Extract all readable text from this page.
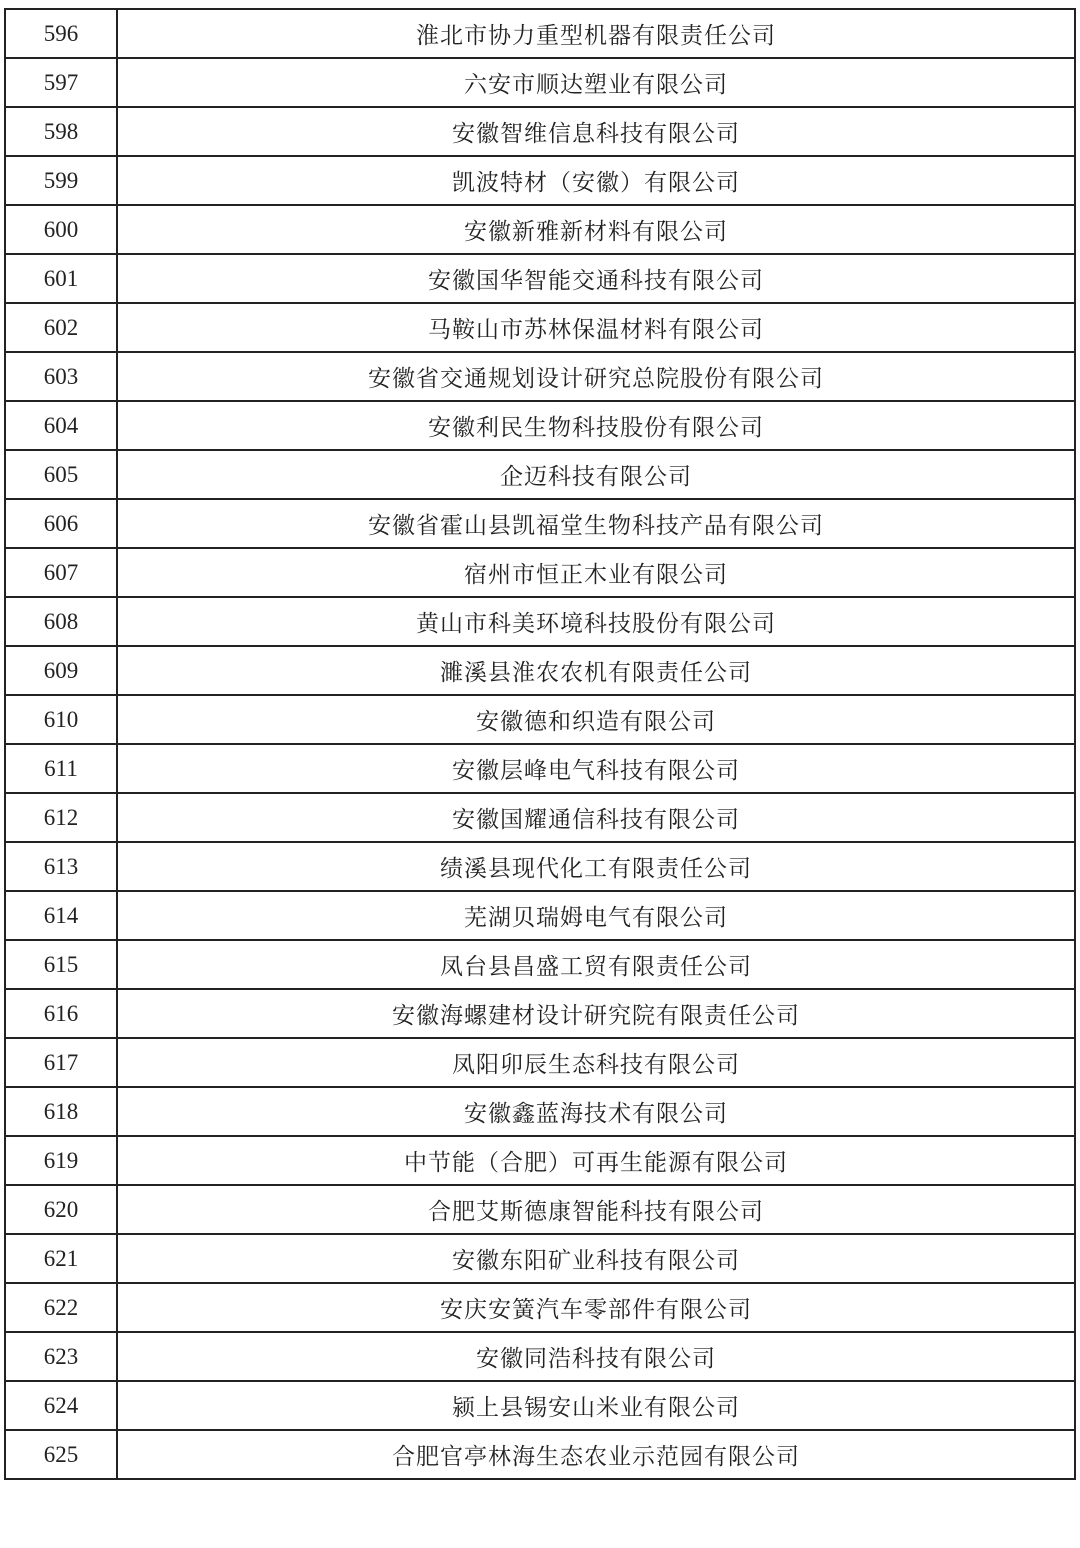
596	淮北市协力重型机器有限责任公司
597	六安市顺达塑业有限公司
598	安徽智维信息科技有限公司
599	凯波特材（安徽）有限公司
600	安徽新雅新材料有限公司
601	安徽国华智能交通科技有限公司
602	马鞍山市苏林保温材料有限公司
603	安徽省交通规划设计研究总院股份有限公司
604	安徽利民生物科技股份有限公司
605	企迈科技有限公司
606	安徽省霍山县凯福堂生物科技产品有限公司
607	宿州市恒正木业有限公司
608	黄山市科美环境科技股份有限公司
609	濉溪县淮农农机有限责任公司
610	安徽德和织造有限公司
611	安徽层峰电气科技有限公司
612	安徽国耀通信科技有限公司
613	绩溪县现代化工有限责任公司
614	芜湖贝瑞姆电气有限公司
615	凤台县昌盛工贸有限责任公司
616	安徽海螺建材设计研究院有限责任公司
617	凤阳卯辰生态科技有限公司
618	安徽鑫蓝海技术有限公司
619	中节能（合肥）可再生能源有限公司
620	合肥艾斯德康智能科技有限公司
621	安徽东阳矿业科技有限公司
622	安庆安簧汽车零部件有限公司
623	安徽同浩科技有限公司
624	颍上县锡安山米业有限公司
625	合肥官亭林海生态农业示范园有限公司
